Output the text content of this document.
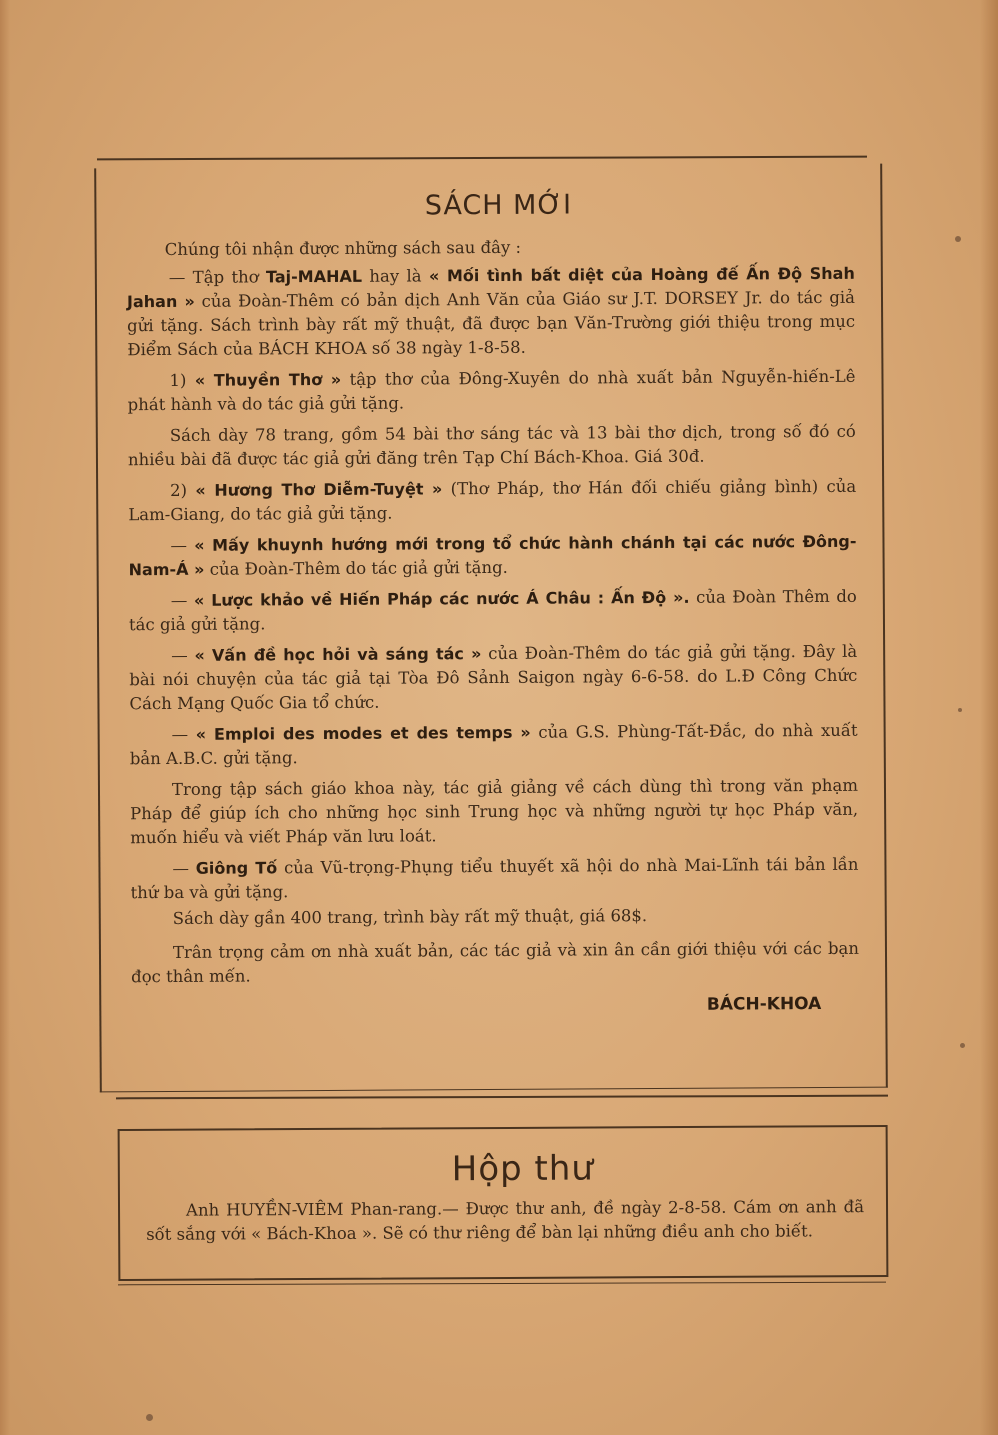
SÁCH MỚI

Chúng tôi nhận được những sách sau đây :

— Tập thơ Taj-MAHAL hay là « Mối tình bất diệt của Hoàng đế Ấn Độ Shah Jahan » của Đoàn-Thêm có bản dịch Anh Văn của Giáo sư J.T. DORSEY Jr. do tác giả gửi tặng. Sách trình bày rất mỹ thuật, đã được bạn Văn-Trường giới thiệu trong mục Điểm Sách của BÁCH KHOA số 38 ngày 1-8-58.

1) « Thuyền Thơ » tập thơ của Đông-Xuyên do nhà xuất bản Nguyễn-hiến-Lê phát hành và do tác giả gửi tặng.

Sách dày 78 trang, gồm 54 bài thơ sáng tác và 13 bài thơ dịch, trong số đó có nhiều bài đã được tác giả gửi đăng trên Tạp Chí Bách-Khoa. Giá 30đ.

2) « Hương Thơ Diễm-Tuyệt » (Thơ Pháp, thơ Hán đối chiếu giảng bình) của Lam-Giang, do tác giả gửi tặng.

— « Mấy khuynh hướng mới trong tổ chức hành chánh tại các nước Đông-Nam-Á » của Đoàn-Thêm do tác giả gửi tặng.

— « Lược khảo về Hiến Pháp các nước Á Châu : Ấn Độ ». của Đoàn Thêm do tác giả gửi tặng.

— « Vấn đề học hỏi và sáng tác » của Đoàn-Thêm do tác giả gửi tặng. Đây là bài nói chuyện của tác giả tại Tòa Đô Sảnh Saigon ngày 6-6-58. do L.Đ Công Chức Cách Mạng Quốc Gia tổ chức.

— « Emploi des modes et des temps » của G.S. Phùng-Tất-Đắc, do nhà xuất bản A.B.C. gửi tặng.

Trong tập sách giáo khoa này, tác giả giảng về cách dùng thì trong văn phạm Pháp để giúp ích cho những học sinh Trung học và những người tự học Pháp văn, muốn hiểu và viết Pháp văn lưu loát.

— Giông Tố của Vũ-trọng-Phụng tiểu thuyết xã hội do nhà Mai-Lĩnh tái bản lần thứ ba và gửi tặng.

Sách dày gần 400 trang, trình bày rất mỹ thuật, giá 68$.

Trân trọng cảm ơn nhà xuất bản, các tác giả và xin ân cần giới thiệu với các bạn đọc thân mến.

BÁCH-KHOA
Hộp thư

Anh HUYỀN-VIÊM Phan-rang.— Được thư anh, đề ngày 2-8-58. Cám ơn anh đã sốt sắng với « Bách-Khoa ». Sẽ có thư riêng để bàn lại những điều anh cho biết.
